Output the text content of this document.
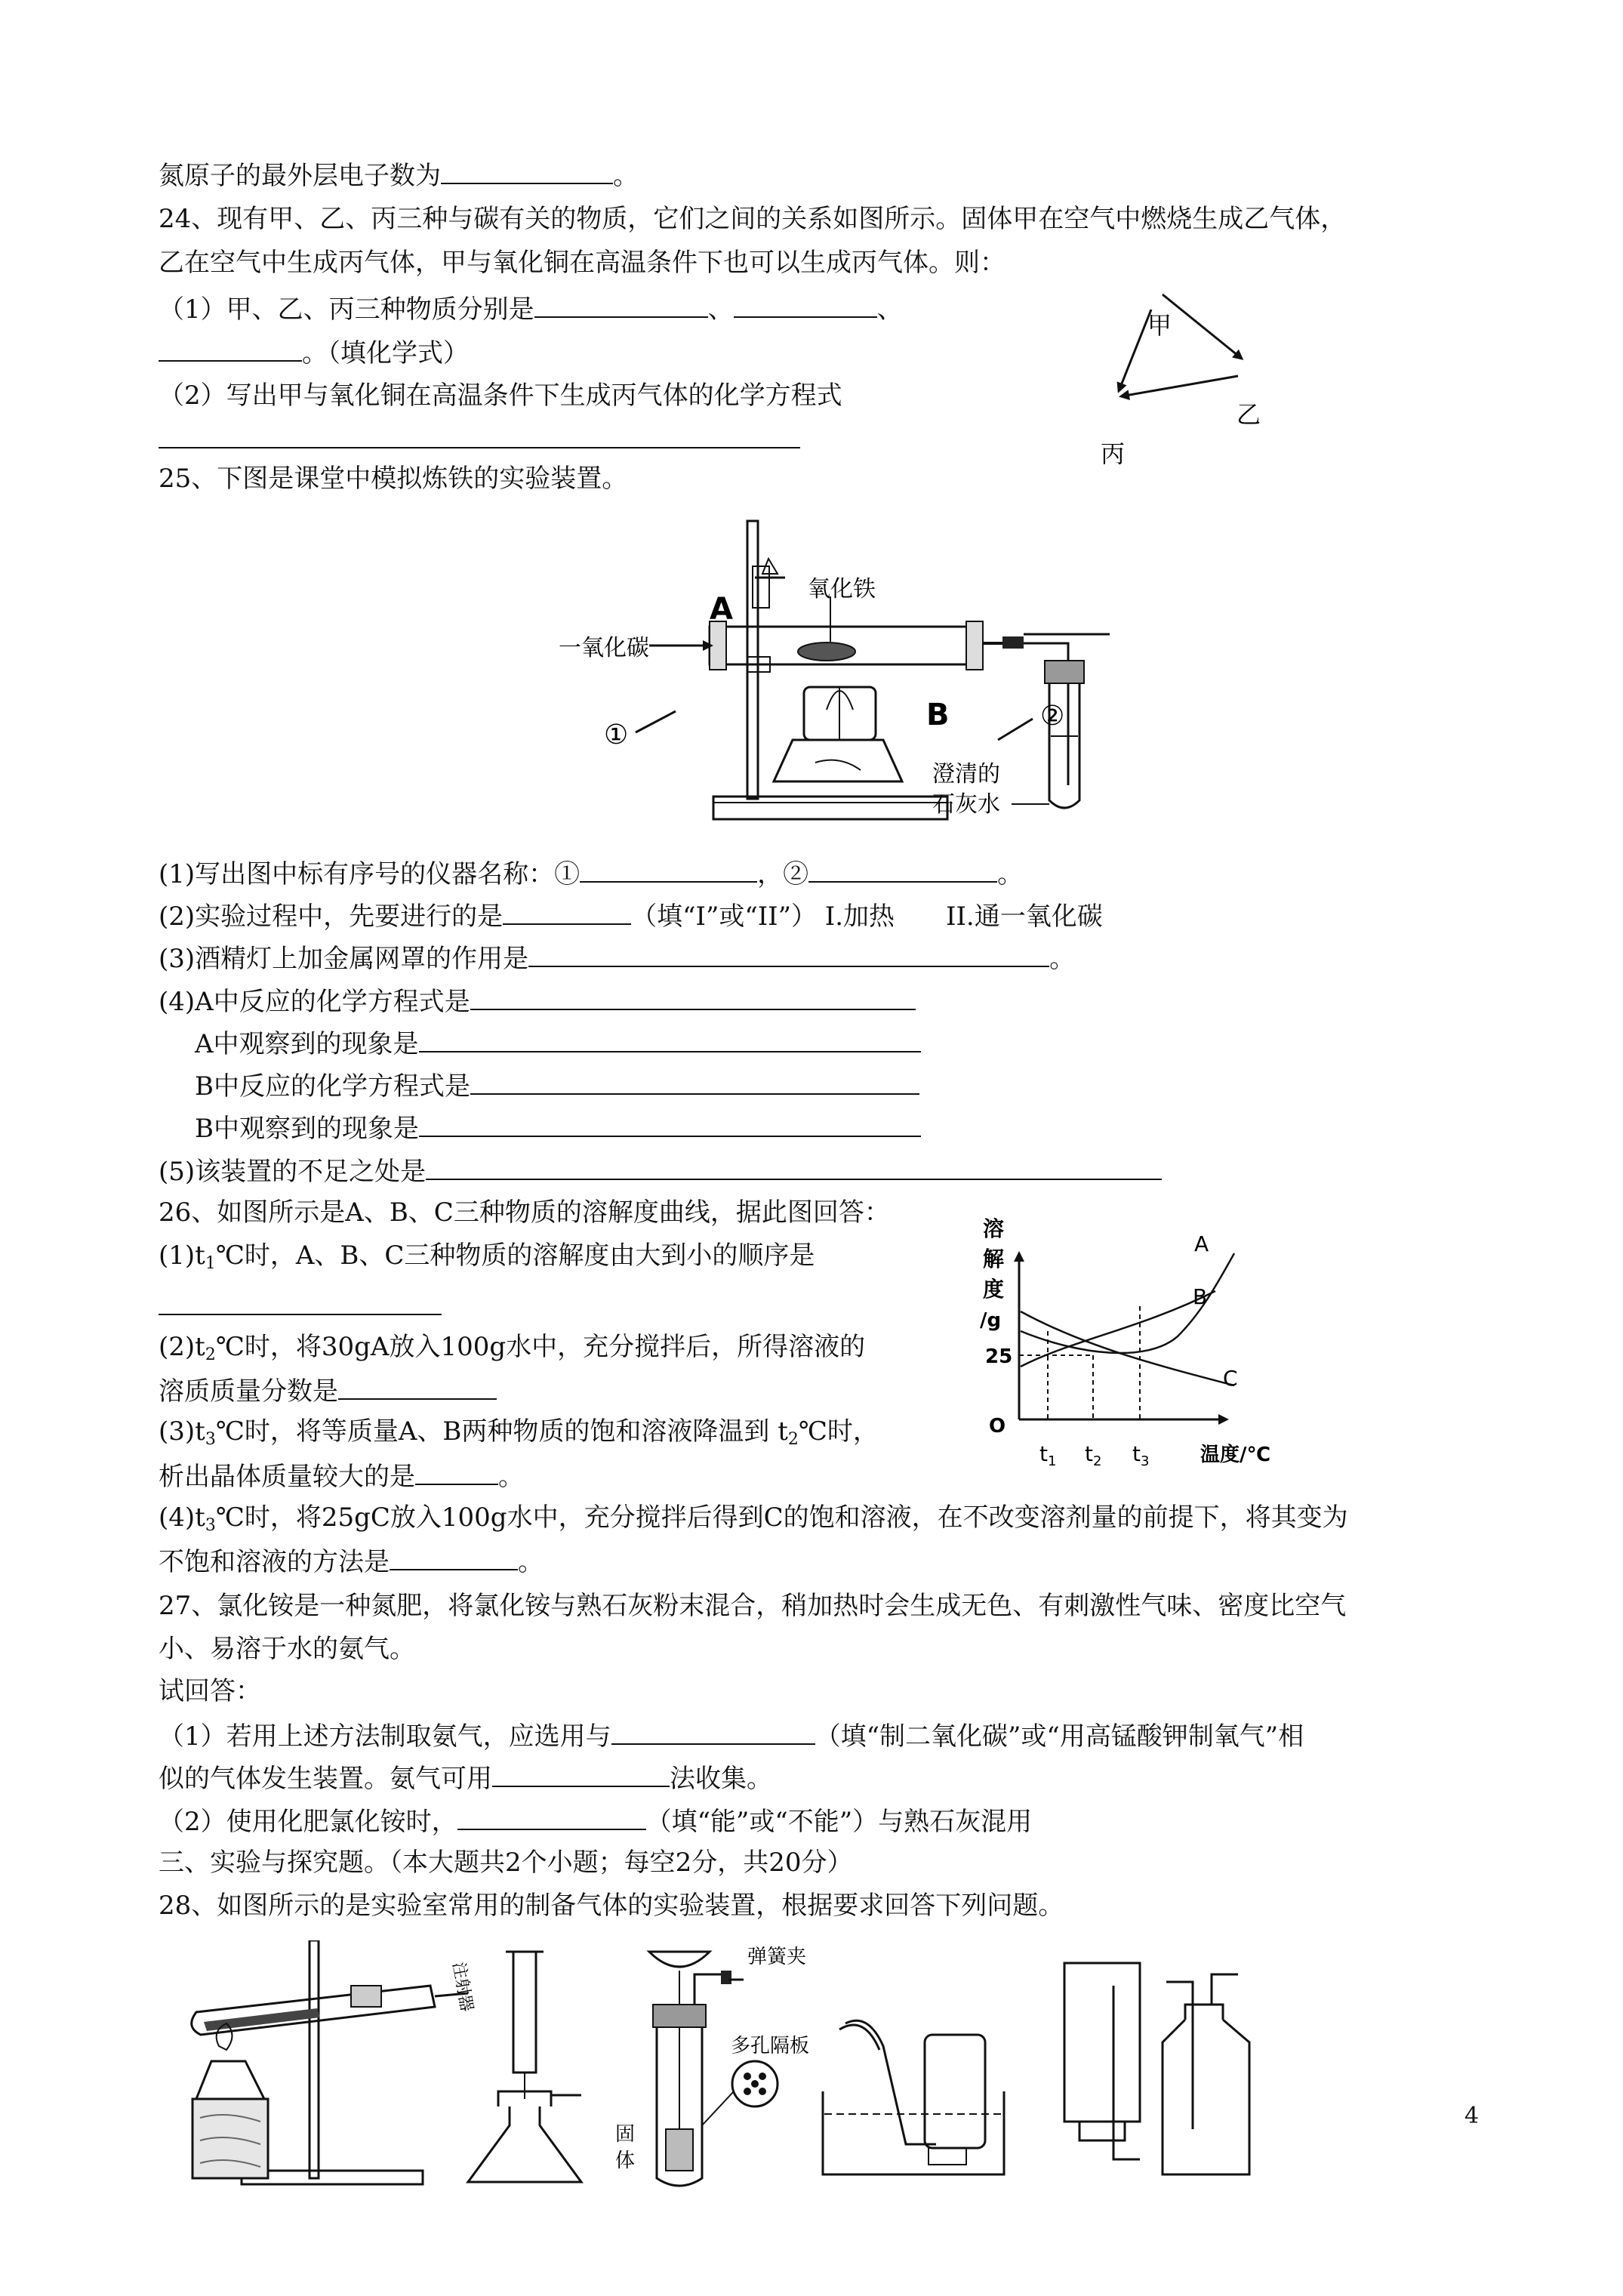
氮原子的最外层电子数为	。
24、现有甲、乙、丙三种与碳有关的物质，它们之间的关系如图所示。固体甲在空气中燃烧生成乙气体，
乙在空气中生成丙气体，甲与氧化铜在高温条件下也可以生成丙气体。则：
（1）甲、乙、丙三种物质分别是	、	、
。（填化学式）
（2）写出甲与氧化铜在高温条件下生成丙气体的化学方程式
甲
乙
丙
25、下图是课堂中模拟炼铁的实验装置。
一氧化碳
氧化铁
A
B
①
②
澄清的
石灰水
(1)写出图中标有序号的仪器名称：①	，②	。
(2)实验过程中，先要进行的是	（填“I”或“II”） I.加热　　II.通一氧化碳
(3)酒精灯上加金属网罩的作用是	。
(4)A中反应的化学方程式是
A中观察到的现象是
B中反应的化学方程式是
B中观察到的现象是
(5)该装置的不足之处是
26、如图所示是A、B、C三种物质的溶解度曲线，据此图回答：
$(1)t_1℃$时，A、B、C三种物质的溶解度由大到小的顺序是
$(2)t_2℃$时，将30gA放入100g水中，充分搅拌后，所得溶液的
溶质质量分数是
$(3)t_3℃$时，将等质量A、B两种物质的饱和溶液降温到 $t_2℃$时，
析出晶体质量较大的是	。
$(4)t_3℃$时，将25gC放入100g水中，充分搅拌后得到C的饱和溶液，在不改变溶剂量的前提下，将其变为
不饱和溶液的方法是	。
溶
解
度
/g
O
25
A
B
C
$t_1$ $t_2$ $t_3$	温度/℃
27、氯化铵是一种氮肥，将氯化铵与熟石灰粉末混合，稍加热时会生成无色、有刺激性气味、密度比空气
小、易溶于水的氨气。
试回答：
（1）若用上述方法制取氨气，应选用与	（填“制二氧化碳”或“用高锰酸钾制氧气”相
似的气体发生装置。氨气可用	法收集。
（2）使用化肥氯化铵时，	（填“能”或“不能”）与熟石灰混用
三、实验与探究题。（本大题共2个小题；每空2分，共20分）
28、如图所示的是实验室常用的制备气体的实验装置，根据要求回答下列问题。
注射器
弹簧夹
多孔隔板
固
体
4
